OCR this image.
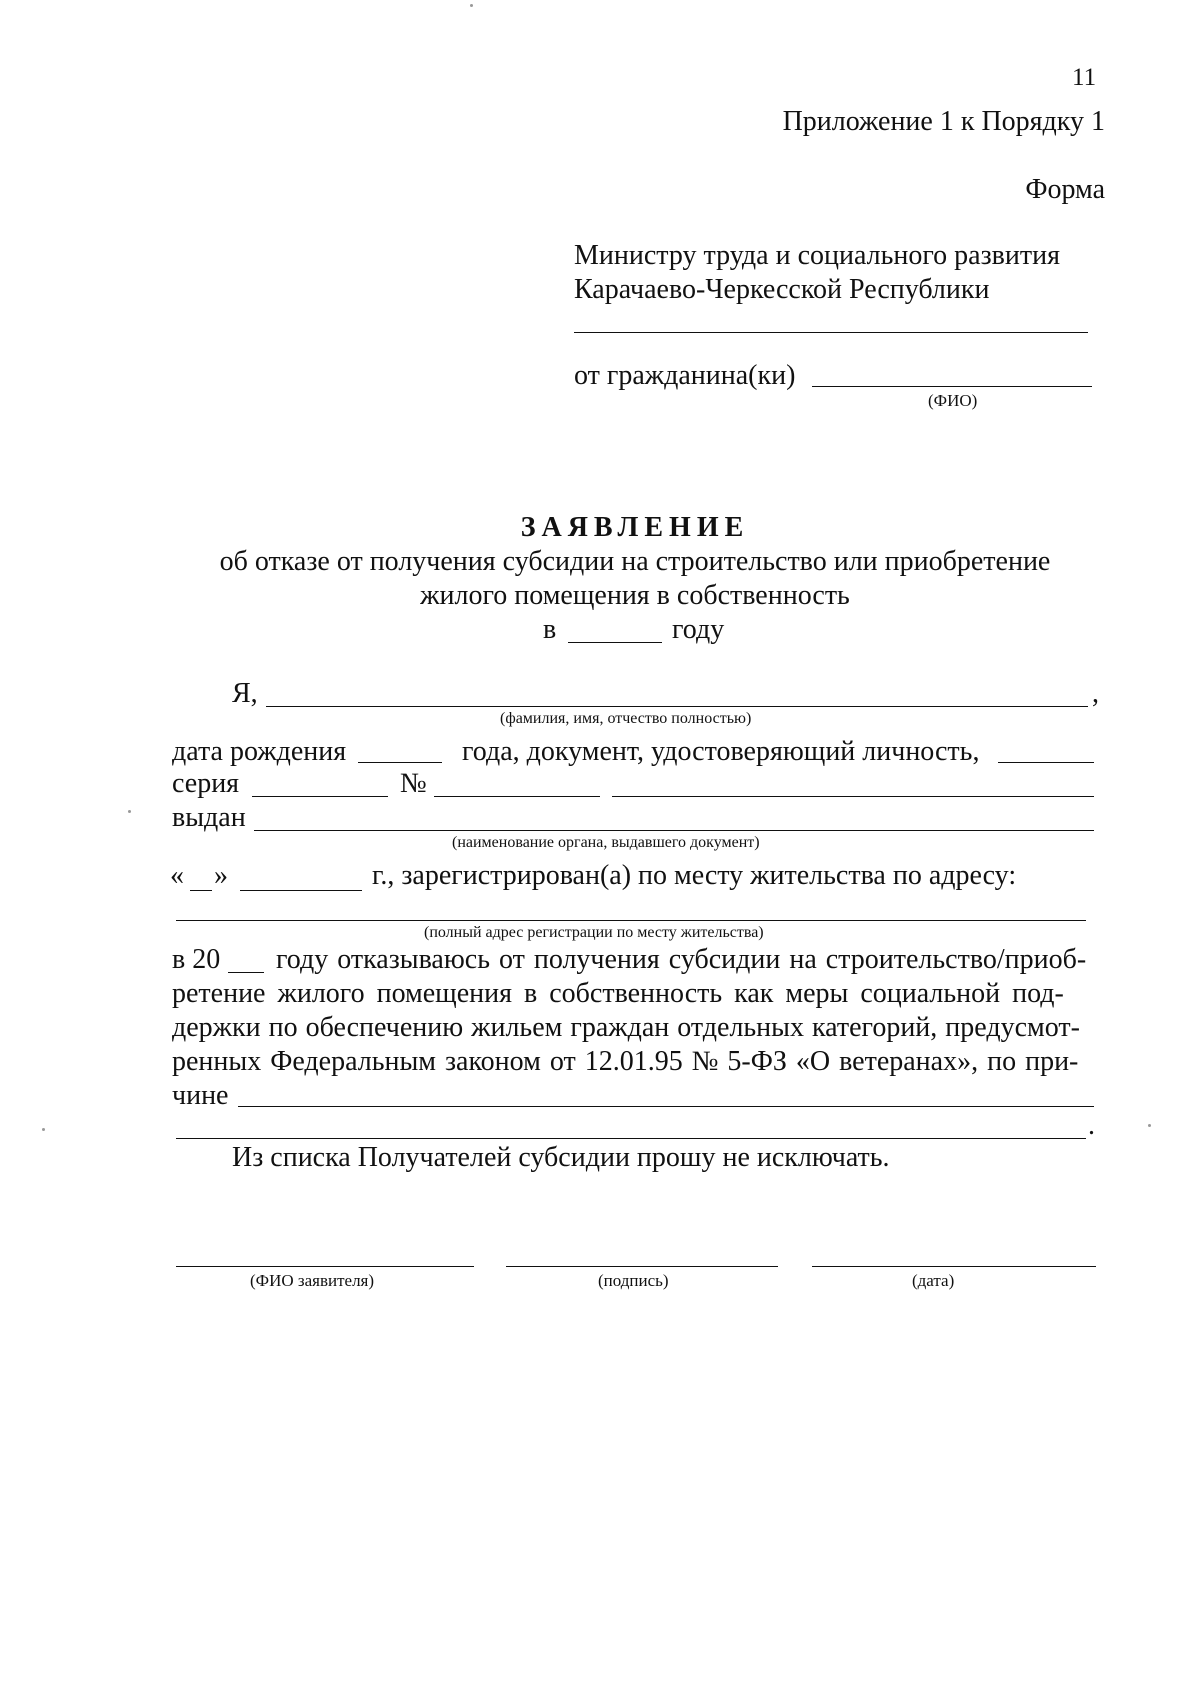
11
Приложение 1 к Порядку 1
Форма
Министру труда и социального развития
Карачаево-Черкесской Республики
от гражданина(ки)
(ФИО)
ЗАЯВЛЕНИЕ
об отказе от получения субсидии на строительство или приобретение
жилого помещения в собственность
в	году
Я,	,
(фамилия, имя, отчество полностью)
дата рождения	года, документ, удостоверяющий личность,
серия	№
выдан
(наименование органа, выдавшего документ)
« »	г., зарегистрирован(а) по месту жительства по адресу:
(полный адрес регистрации по месту жительства)
в 20 году отказываюсь от получения субсидии на строительство/приоб-
ретение жилого помещения в собственность как меры социальной под-
держки по обеспечению жильем граждан отдельных категорий, предусмот-
ренных Федеральным законом от 12.01.95 № 5-ФЗ «О ветеранах», по при-
чине
.
Из списка Получателей субсидии прошу не исключать.
(ФИО заявителя)	(подпись)	(дата)
